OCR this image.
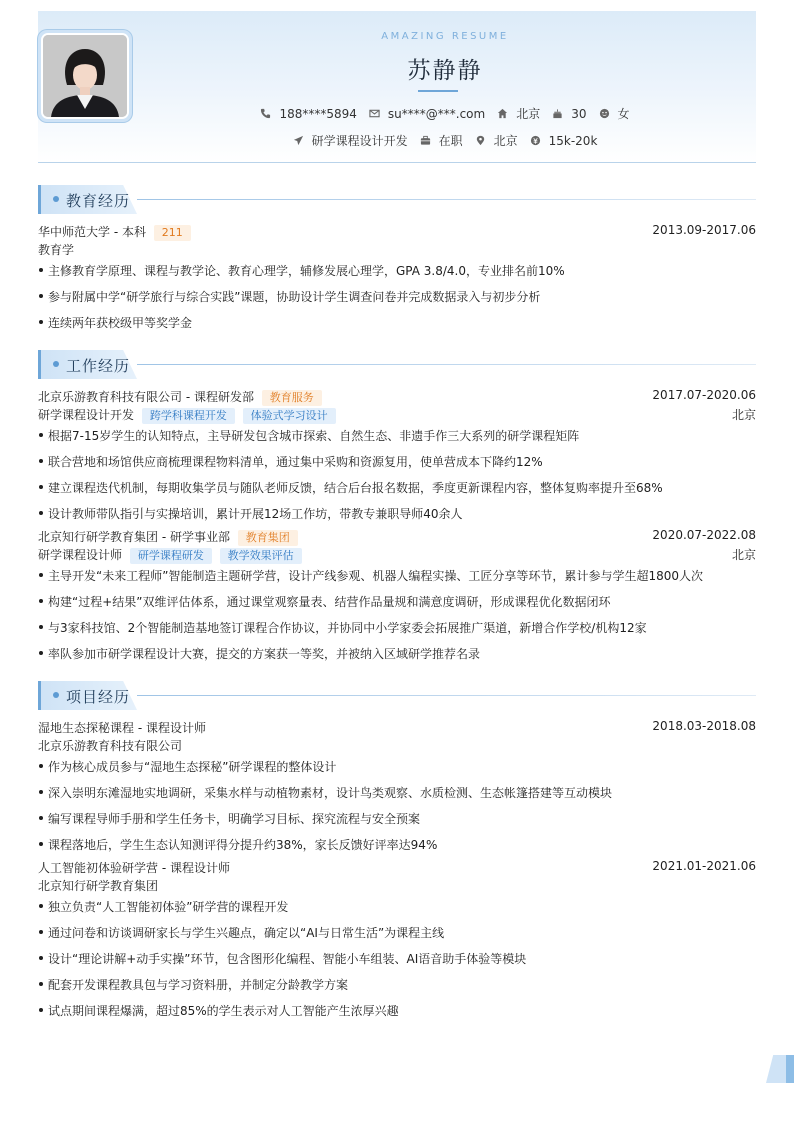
AMAZING RESUME
苏静静
188****5894	su****@***.com	北京	30	女
研学课程设计开发	在职	北京	15k-20k
教育经历
华中师范大学 - 本科 211	2013.09-2017.06
教育学
主修教育学原理、课程与教学论、教育心理学，辅修发展心理学，GPA 3.8/4.0，专业排名前10%
参与附属中学“研学旅行与综合实践”课题，协助设计学生调查问卷并完成数据录入与初步分析
连续两年获校级甲等奖学金
工作经历
北京乐游教育科技有限公司 - 课程研发部 教育服务	2017.07-2020.06
研学课程设计开发 跨学科课程开发 体验式学习设计	北京
根据7-15岁学生的认知特点，主导研发包含城市探索、自然生态、非遗手作三大系列的研学课程矩阵
联合营地和场馆供应商梳理课程物料清单，通过集中采购和资源复用，使单营成本下降约12%
建立课程迭代机制，每期收集学员与随队老师反馈，结合后台报名数据，季度更新课程内容，整体复购率提升至68%
设计教师带队指引与实操培训，累计开展12场工作坊，带教专兼职导师40余人
北京知行研学教育集团 - 研学事业部 教育集团	2020.07-2022.08
研学课程设计师 研学课程研发 教学效果评估	北京
主导开发“未来工程师”智能制造主题研学营，设计产线参观、机器人编程实操、工匠分享等环节，累计参与学生超1800人次
构建“过程+结果”双维评估体系，通过课堂观察量表、结营作品量规和满意度调研，形成课程优化数据闭环
与3家科技馆、2个智能制造基地签订课程合作协议，并协同中小学家委会拓展推广渠道，新增合作学校/机构12家
率队参加市研学课程设计大赛，提交的方案获一等奖，并被纳入区域研学推荐名录
项目经历
湿地生态探秘课程 - 课程设计师	2018.03-2018.08
北京乐游教育科技有限公司
作为核心成员参与“湿地生态探秘”研学课程的整体设计
深入崇明东滩湿地实地调研，采集水样与动植物素材，设计鸟类观察、水质检测、生态帐篷搭建等互动模块
编写课程导师手册和学生任务卡，明确学习目标、探究流程与安全预案
课程落地后，学生生态认知测评得分提升约38%，家长反馈好评率达94%
人工智能初体验研学营 - 课程设计师	2021.01-2021.06
北京知行研学教育集团
独立负责“人工智能初体验”研学营的课程开发
通过问卷和访谈调研家长与学生兴趣点，确定以“AI与日常生活”为课程主线
设计“理论讲解+动手实操”环节，包含图形化编程、智能小车组装、AI语音助手体验等模块
配套开发课程教具包与学习资料册，并制定分龄教学方案
试点期间课程爆满，超过85%的学生表示对人工智能产生浓厚兴趣
